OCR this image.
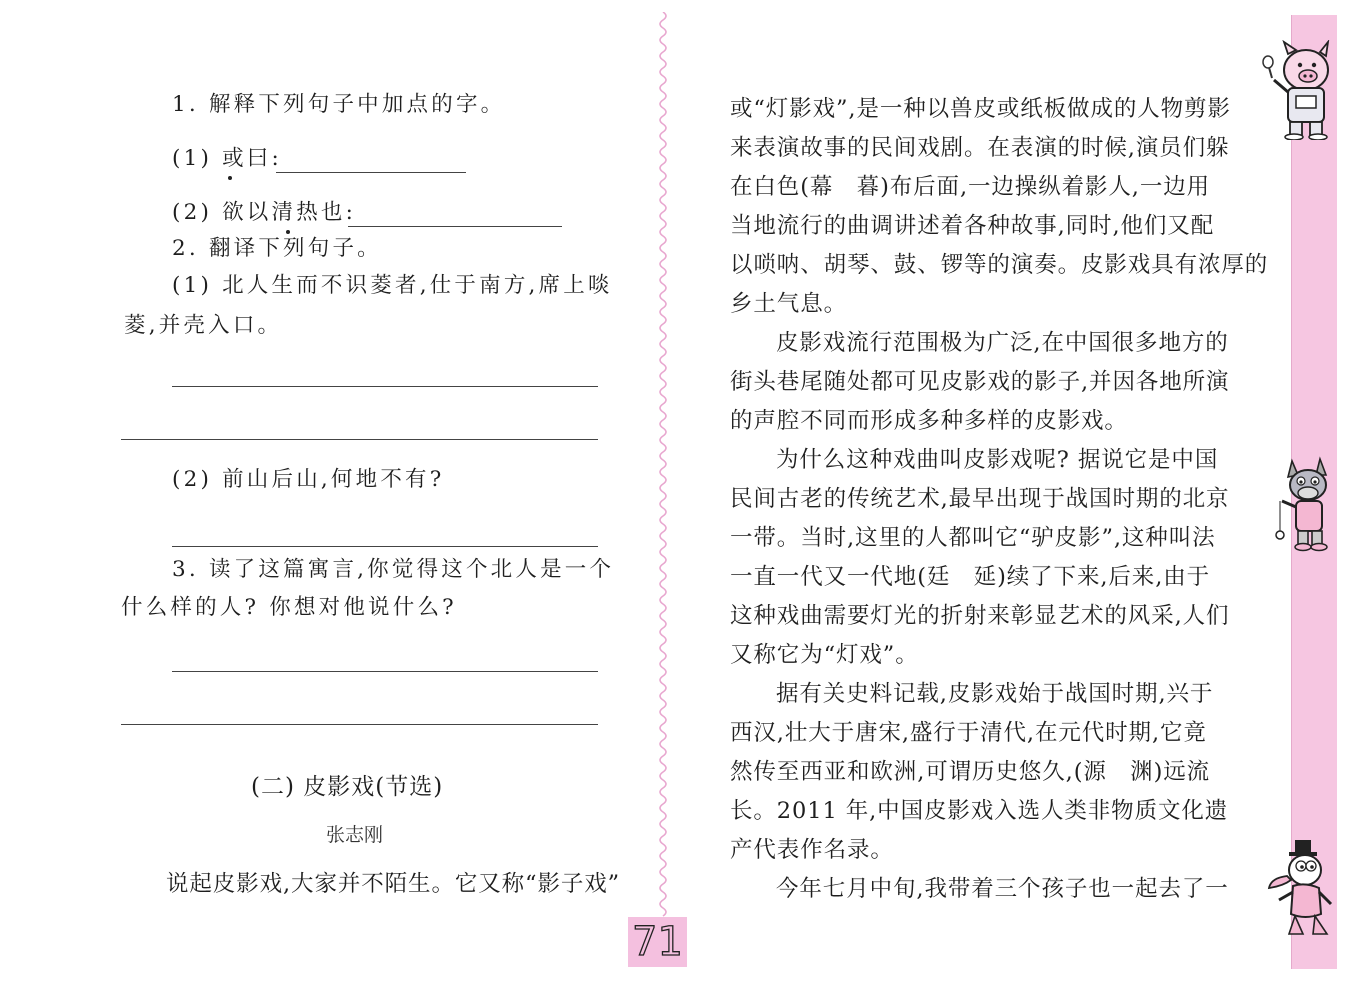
1. 解释下列句子中加点的字。
(1) 或曰:
(2) 欲以清热也:
2. 翻译下列句子。
(1) 北人生而不识菱者,仕于南方,席上啖
菱,并壳入口。
(2) 前山后山,何地不有?
3. 读了这篇寓言,你觉得这个北人是一个
什么样的人? 你想对他说什么?
(二) 皮影戏(节选)
张志刚
说起皮影戏,大家并不陌生。它又称“影子戏”
71
或“灯影戏”,是一种以兽皮或纸板做成的人物剪影
来表演故事的民间戏剧。在表演的时候,演员们躲
在白色(幕　暮)布后面,一边操纵着影人,一边用
当地流行的曲调讲述着各种故事,同时,他们又配
以唢呐、胡琴、鼓、锣等的演奏。皮影戏具有浓厚的
乡土气息。
皮影戏流行范围极为广泛,在中国很多地方的
街头巷尾随处都可见皮影戏的影子,并因各地所演
的声腔不同而形成多种多样的皮影戏。
为什么这种戏曲叫皮影戏呢? 据说它是中国
民间古老的传统艺术,最早出现于战国时期的北京
一带。当时,这里的人都叫它“驴皮影”,这种叫法
一直一代又一代地(廷　延)续了下来,后来,由于
这种戏曲需要灯光的折射来彰显艺术的风采,人们
又称它为“灯戏”。
据有关史料记载,皮影戏始于战国时期,兴于
西汉,壮大于唐宋,盛行于清代,在元代时期,它竟
然传至西亚和欧洲,可谓历史悠久,(源　渊)远流
长。2011 年,中国皮影戏入选人类非物质文化遗
产代表作名录。
今年七月中旬,我带着三个孩子也一起去了一
